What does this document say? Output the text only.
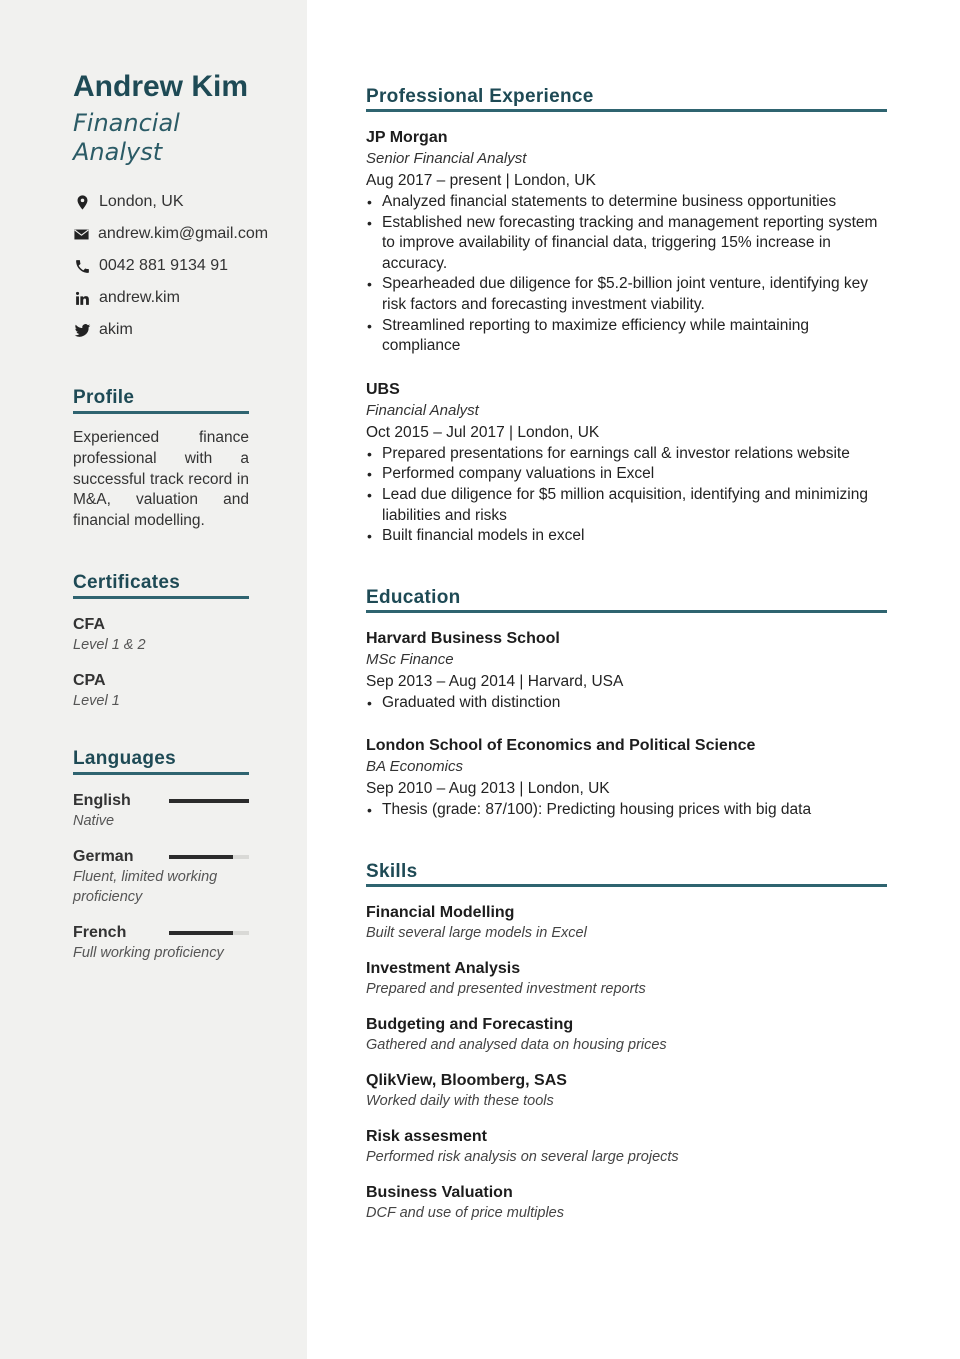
Andrew Kim
Financial Analyst
London, UK
andrew.kim@gmail.com
0042 881 9134 91
andrew.kim
akim
Profile
Experienced finance professional with a successful track record in M&A, valuation and financial modelling.
Certificates
CFA
Level 1 & 2
CPA
Level 1
Languages
English
Native
German
Fluent, limited working proficiency
French
Full working proficiency
Professional Experience
JP Morgan
Senior Financial Analyst
Aug 2017 – present | London, UK
• Analyzed financial statements to determine business opportunities
• Established new forecasting tracking and management reporting system to improve availability of financial data, triggering 15% increase in accuracy.
• Spearheaded due diligence for $5.2-billion joint venture, identifying key risk factors and forecasting investment viability.
• Streamlined reporting to maximize efficiency while maintaining compliance
UBS
Financial Analyst
Oct 2015 – Jul 2017 | London, UK
• Prepared presentations for earnings call & investor relations website
• Performed company valuations in Excel
• Lead due diligence for $5 million acquisition, identifying and minimizing liabilities and risks
• Built financial models in excel
Education
Harvard Business School
MSc Finance
Sep 2013 – Aug 2014 | Harvard, USA
• Graduated with distinction
London School of Economics and Political Science
BA Economics
Sep 2010 – Aug 2013 | London, UK
• Thesis (grade: 87/100): Predicting housing prices with big data
Skills
Financial Modelling
Built several large models in Excel
Investment Analysis
Prepared and presented investment reports
Budgeting and Forecasting
Gathered and analysed data on housing prices
QlikView, Bloomberg, SAS
Worked daily with these tools
Risk assesment
Performed risk analysis on several large projects
Business Valuation
DCF and use of price multiples
